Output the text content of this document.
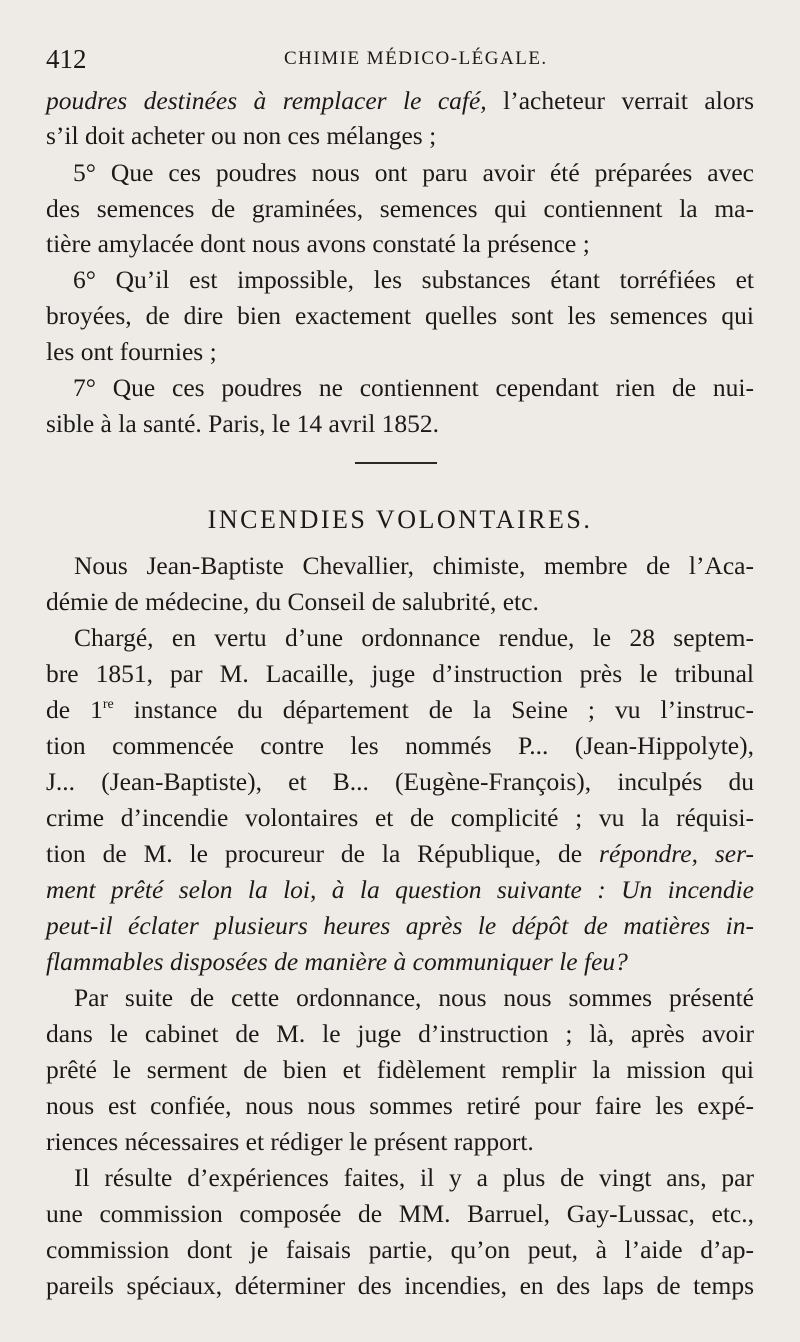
412	CHIMIE MÉDICO-LÉGALE.
poudres destinées à remplacer le café, l’acheteur verrait alors
s’il doit acheter ou non ces mélanges ;
5° Que ces poudres nous ont paru avoir été préparées avec
des semences de graminées, semences qui contiennent la ma-
tière amylacée dont nous avons constaté la présence ;
6° Qu’il est impossible, les substances étant torréfiées et
broyées, de dire bien exactement quelles sont les semences qui
les ont fournies ;
7° Que ces poudres ne contiennent cependant rien de nui-
sible à la santé. Paris, le 14 avril 1852.
INCENDIES VOLONTAIRES.
Nous Jean-Baptiste Chevallier, chimiste, membre de l’Aca-
démie de médecine, du Conseil de salubrité, etc.
Chargé, en vertu d’une ordonnance rendue, le 28 septem-
bre 1851, par M. Lacaille, juge d’instruction près le tribunal
de 1re instance du département de la Seine ; vu l’instruc-
tion commencée contre les nommés P... (Jean-Hippolyte),
J... (Jean-Baptiste), et B... (Eugène-François), inculpés du
crime d’incendie volontaires et de complicité ; vu la réquisi-
tion de M. le procureur de la République, de répondre, ser-
ment prêté selon la loi, à la question suivante : Un incendie
peut-il éclater plusieurs heures après le dépôt de matières in-
flammables disposées de manière à communiquer le feu?
Par suite de cette ordonnance, nous nous sommes présenté
dans le cabinet de M. le juge d’instruction ; là, après avoir
prêté le serment de bien et fidèlement remplir la mission qui
nous est confiée, nous nous sommes retiré pour faire les expé-
riences nécessaires et rédiger le présent rapport.
Il résulte d’expériences faites, il y a plus de vingt ans, par
une commission composée de MM. Barruel, Gay-Lussac, etc.,
commission dont je faisais partie, qu’on peut, à l’aide d’ap-
pareils spéciaux, déterminer des incendies, en des laps de temps
